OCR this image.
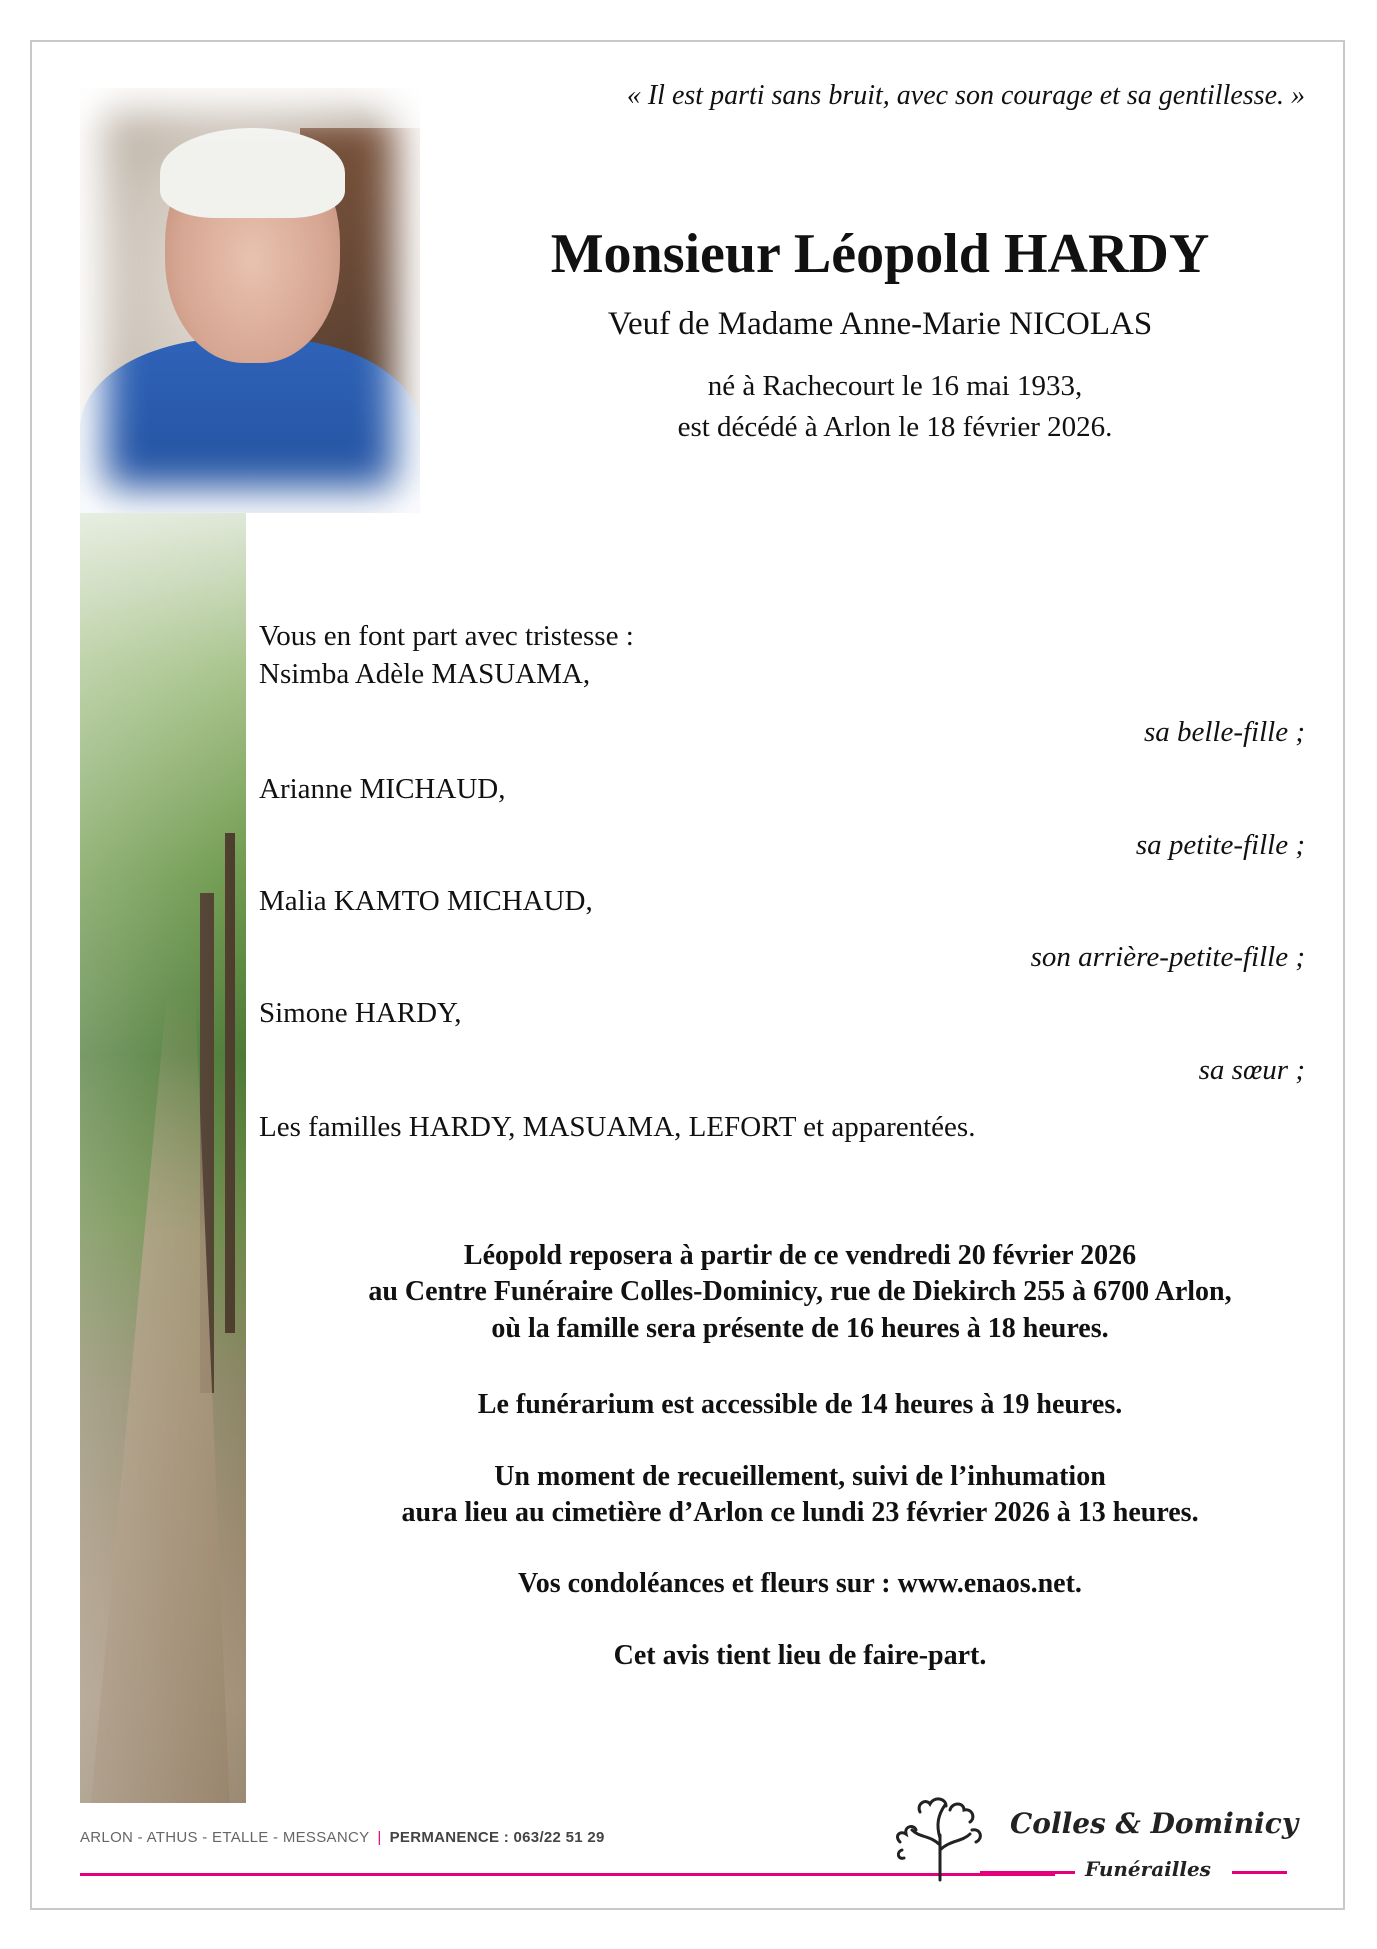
« Il est parti sans bruit, avec son courage et sa gentillesse. »
Monsieur Léopold HARDY
Veuf de Madame Anne-Marie NICOLAS
né à Rachecourt le 16 mai 1933,
est décédé à Arlon le 18 février 2026.
Vous en font part avec tristesse :
Nsimba Adèle MASUAMA,
sa belle-fille ;
Arianne MICHAUD,
sa petite-fille ;
Malia KAMTO MICHAUD,
son arrière-petite-fille ;
Simone HARDY,
sa sœur ;
Les familles HARDY, MASUAMA, LEFORT et apparentées.
Léopold reposera à partir de ce vendredi 20 février 2026
au Centre Funéraire Colles-Dominicy, rue de Diekirch 255 à 6700 Arlon,
où la famille sera présente de 16 heures à 18 heures.
Le funérarium est accessible de 14 heures à 19 heures.
Un moment de recueillement, suivi de l’inhumation
aura lieu au cimetière d’Arlon ce lundi 23 février 2026 à 13 heures.
Vos condoléances et fleurs sur : www.enaos.net.
Cet avis tient lieu de faire-part.
ARLON - ATHUS - ETALLE - MESSANCY | PERMANENCE : 063/22 51 29	Colles & Dominicy
Funérailles
